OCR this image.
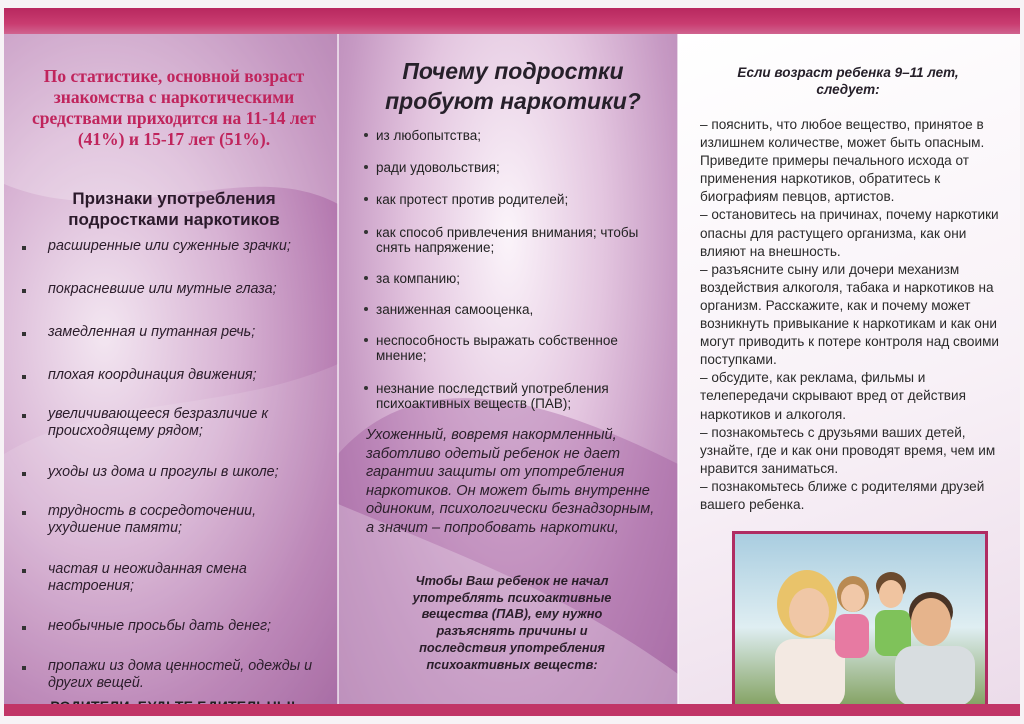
По статистике, основной возраст знакомства с наркотическими средствами приходится на 11-14 лет (41%) и 15-17 лет (51%).
Признаки употребления подростками наркотиков
расширенные или суженные зрачки;
покрасневшие или мутные глаза;
замедленная и путанная речь;
плохая координация движения;
увеличивающееся безразличие к происходящему рядом;
уходы из дома и прогулы в школе;
трудность в сосредоточении, ухудшение памяти;
частая и неожиданная смена настроения;
необычные просьбы дать денег;
пропажи из дома ценностей, одежды и других вещей.
Почему подростки пробуют наркотики?
из любопытства;
ради удовольствия;
как протест против родителей;
как способ привлечения внимания; чтобы снять напряжение;
за компанию;
заниженная самооценка,
неспособность выражать собственное мнение;
незнание последствий употребления психоактивных веществ (ПАВ);
Ухоженный, вовремя накормленный, заботливо одетый ребенок не дает гарантии защиты от употребления наркотиков. Он может быть внутренне одиноким, психологически безнадзорным, а значит – попробовать наркотики,
Чтобы Ваш ребенок не начал употреблять психоактивные вещества (ПАВ), ему нужно разъяснять причины и последствия употребления психоактивных веществ:
Если возраст ребенка 9–11 лет, следует:
– пояснить, что любое вещество, принятое в излишнем количестве, может быть опасным. Приведите примеры печального исхода от применения наркотиков, обратитесь к биографиям певцов, артистов.
– остановитесь на причинах, почему наркотики опасны для растущего организма, как они влияют на внешность.
– разъясните сыну или дочери механизм воздействия алкоголя, табака и наркотиков на организм. Расскажите, как и почему может возникнуть привыкание к наркотикам и как они могут приводить к потере контроля над своими поступками.
– обсудите, как реклама, фильмы и телепередачи скрывают вред от действия наркотиков и алкоголя.
– познакомьтесь с друзьями ваших детей, узнайте, где и как они проводят время, чем им нравится заниматься.
– познакомьтесь ближе с родителями друзей вашего ребенка.
